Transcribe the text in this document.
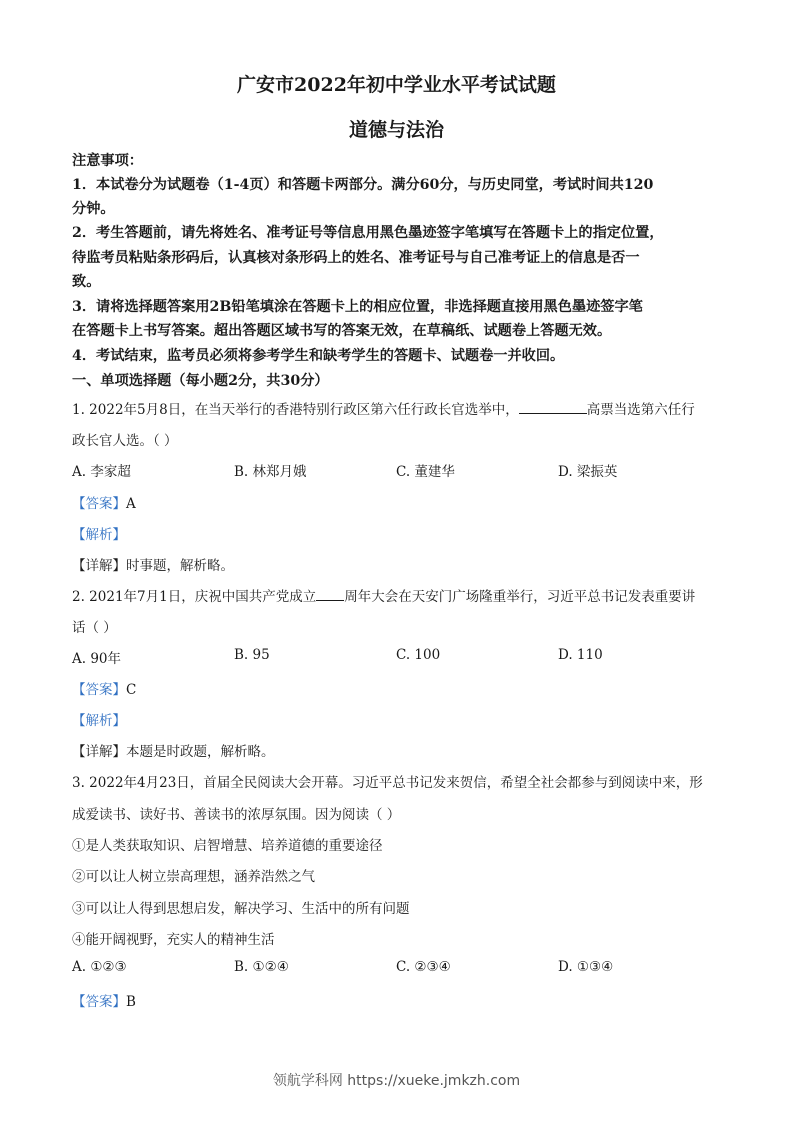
广安市2022年初中学业水平考试试题
道德与法治
注意事项：
1．本试卷分为试题卷（1-4页）和答题卡两部分。满分60分，与历史同堂，考试时间共120
分钟。
2．考生答题前，请先将姓名、准考证号等信息用黑色墨迹签字笔填写在答题卡上的指定位置，
待监考员粘贴条形码后，认真核对条形码上的姓名、准考证号与自己准考证上的信息是否一
致。
3．请将选择题答案用2B铅笔填涂在答题卡上的相应位置，非选择题直接用黑色墨迹签字笔
在答题卡上书写答案。超出答题区域书写的答案无效，在草稿纸、试题卷上答题无效。
4．考试结束，监考员必须将参考学生和缺考学生的答题卡、试题卷一并收回。
一、单项选择题（每小题2分，共30分）
1. 2022年5月8日，在当天举行的香港特别行政区第六任行政长官选举中，	高票当选第六任行
政长官人选。（ ）
A. 李家超	B. 林郑月娥	C. 董建华	D. 梁振英
【答案】A
【解析】
【详解】时事题，解析略。
2. 2021年7月1日，庆祝中国共产党成立 周年大会在天安门广场隆重举行，习近平总书记发表重要讲
话（ ）
A. 90年	B. 95	C. 100	D. 110
【答案】C
【解析】
【详解】本题是时政题，解析略。
3. 2022年4月23日，首届全民阅读大会开幕。习近平总书记发来贺信，希望全社会都参与到阅读中来，形
成爱读书、读好书、善读书的浓厚氛围。因为阅读（ ）
①是人类获取知识、启智增慧、培养道德的重要途径
②可以让人树立崇高理想，涵养浩然之气
③可以让人得到思想启发，解决学习、生活中的所有问题
④能开阔视野，充实人的精神生活
A. ①②③	B. ①②④	C. ②③④	D. ①③④
【答案】B
领航学科网 https://xueke.jmkzh.com
